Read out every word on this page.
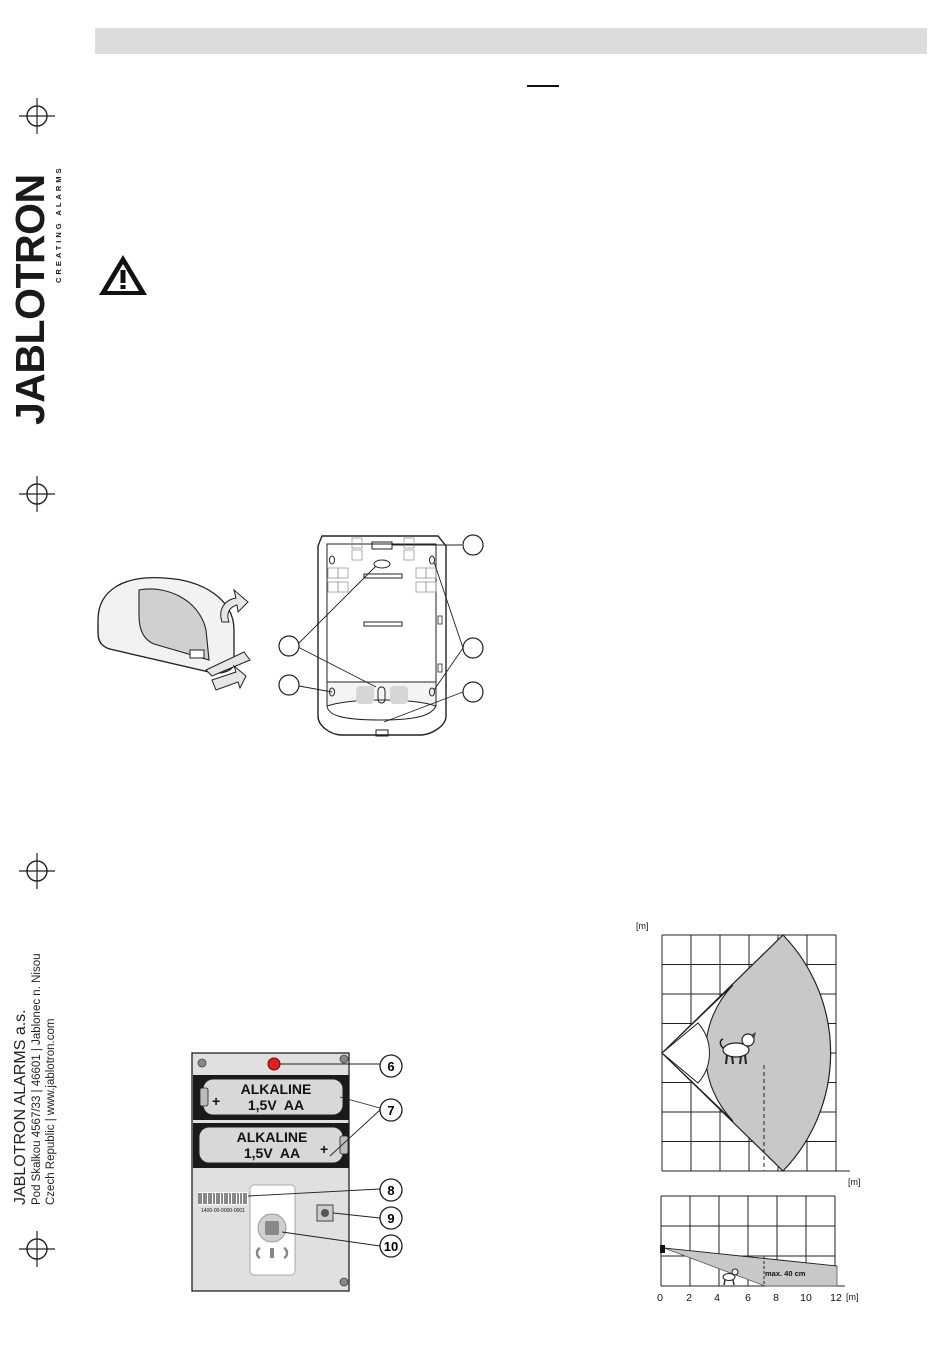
JABLOTRON CREATING ALARMS
JABLOTRON ALARMS a.s. Pod Skalkou 4567/33 | 46601 | Jablonec n. Nisou Czech Republic | www.jablotron.com	+
ALKALINE
1,5V  AA
+
ALKALINE
1,5V  AA
1400-00-0000-0001
6
7
8
9
10
[m]
[m]
max. 40 cm
0 2 4 6 8 10 12 [m]
